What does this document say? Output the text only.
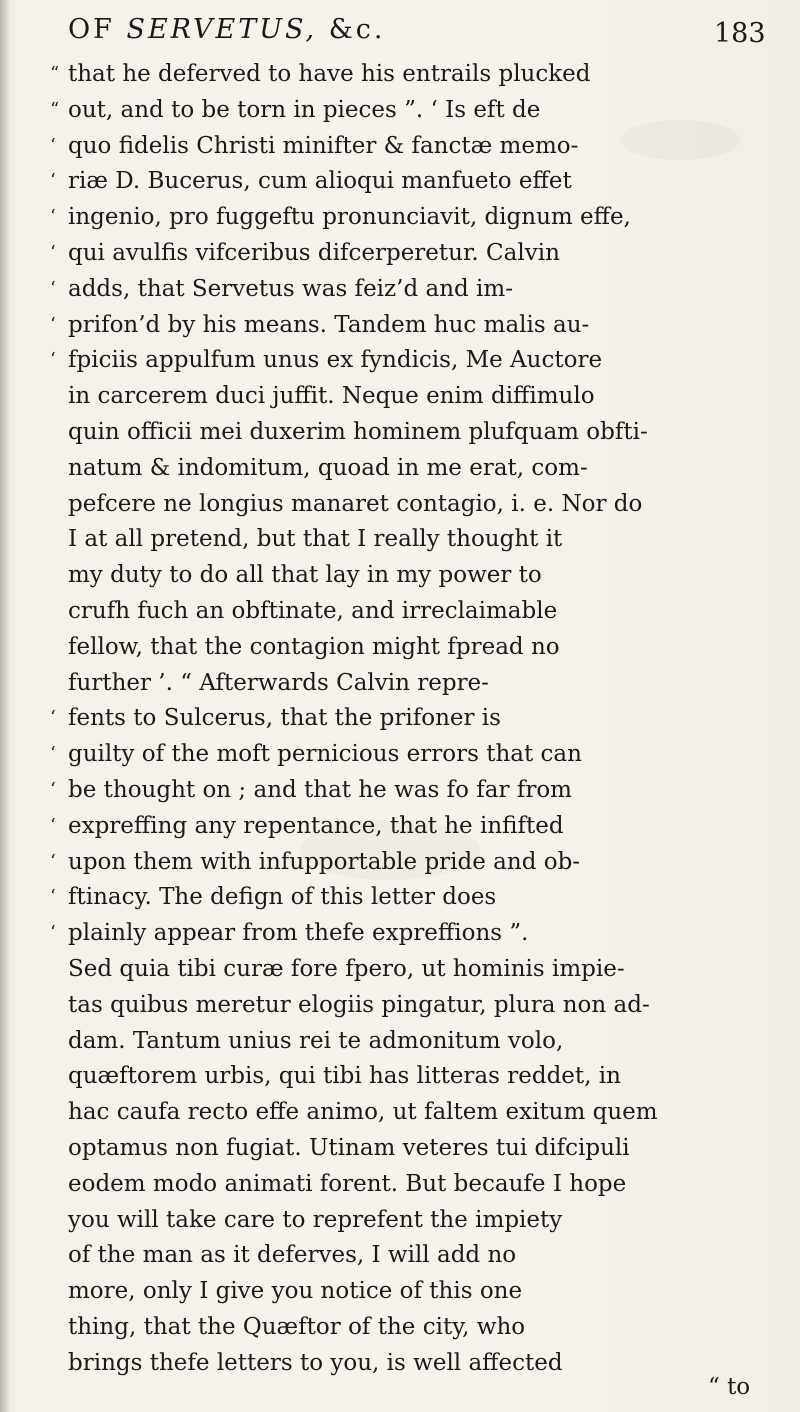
OF SERVETUS, &c.	183
“ that he deferved to have his entrails plucked
“ out, and to be torn in pieces ”. ‘ Is eft de
‘ quo fidelis Christi minifter & fanctæ memo-
‘ riæ D. Bucerus, cum alioqui manfueto effet
‘ ingenio, pro fuggeftu pronunciavit, dignum effe,
‘ qui avulfis vifceribus difcerperetur. Calvin
‘ adds, that Servetus was feiz’d and im-
‘ prifon’d by his means. Tandem huc malis au-
‘ fpiciis appulfum unus ex fyndicis, Me Auctore
in carcerem duci juffit. Neque enim diffimulo
quin officii mei duxerim hominem plufquam obfti-
natum & indomitum, quoad in me erat, com-
pefcere ne longius manaret contagio, i. e. Nor do
I at all pretend, but that I really thought it
my duty to do all that lay in my power to
crufh fuch an obftinate, and irreclaimable
fellow, that the contagion might fpread no
further ’. “ Afterwards Calvin repre-
‘ fents to Sulcerus, that the prifoner is
‘ guilty of the moft pernicious errors that can
‘ be thought on ; and that he was fo far from
‘ expreffing any repentance, that he infifted
‘ upon them with infupportable pride and ob-
‘ ftinacy. The defign of this letter does
‘ plainly appear from thefe expreffions ”.
Sed quia tibi curæ fore fpero, ut hominis impie-
tas quibus meretur elogiis pingatur, plura non ad-
dam. Tantum unius rei te admonitum volo,
quæftorem urbis, qui tibi has litteras reddet, in
hac caufa recto effe animo, ut faltem exitum quem
optamus non fugiat. Utinam veteres tui difcipuli
eodem modo animati forent. But becaufe I hope
you will take care to reprefent the impiety
of the man as it deferves, I will add no
more, only I give you notice of this one
thing, that the Quæftor of the city, who
brings thefe letters to you, is well affected
“ to
